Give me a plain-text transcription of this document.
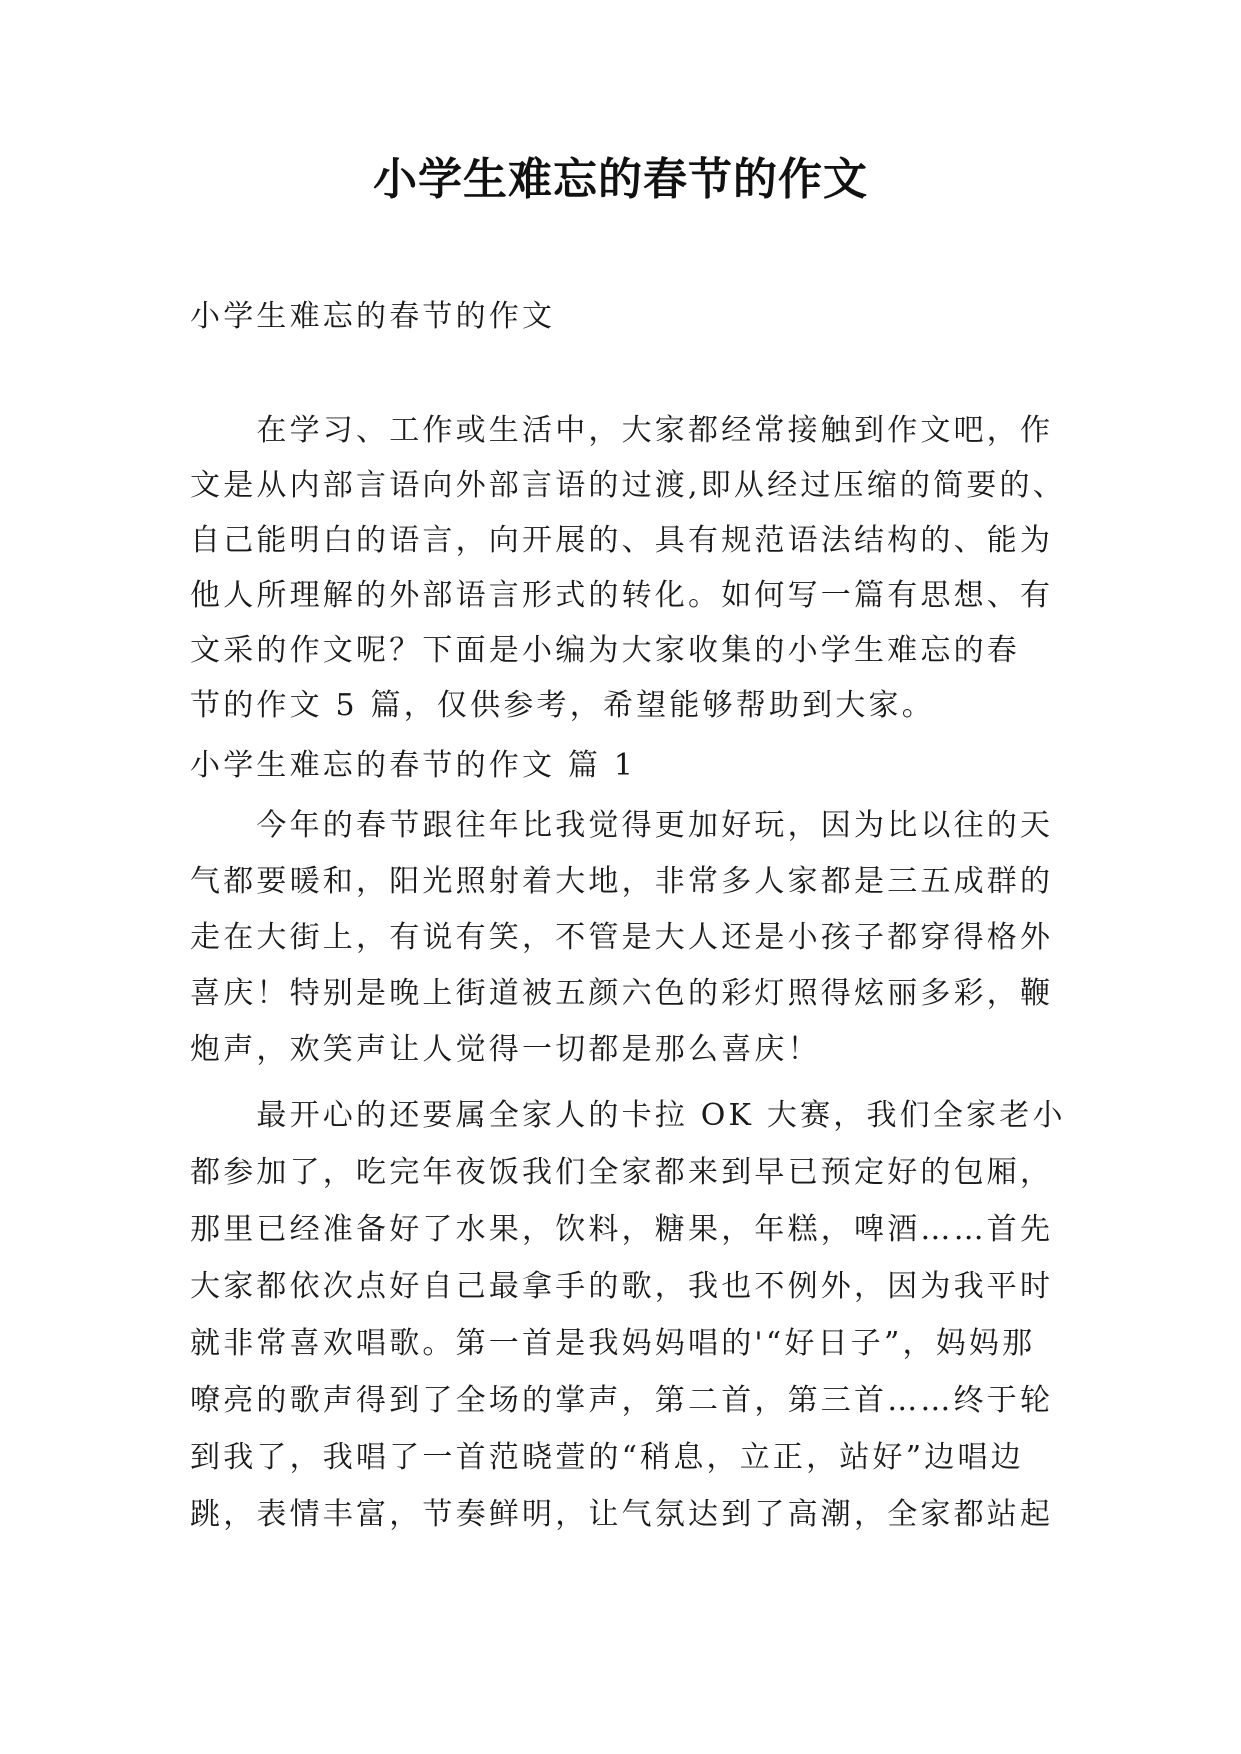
小学生难忘的春节的作文
小学生难忘的春节的作文
　　在学习、工作或生活中，大家都经常接触到作文吧，作
文是从内部言语向外部言语的过渡,即从经过压缩的简要的、
自己能明白的语言，向开展的、具有规范语法结构的、能为
他人所理解的外部语言形式的转化。如何写一篇有思想、有
文采的作文呢？下面是小编为大家收集的小学生难忘的春
节的作文 5 篇，仅供参考，希望能够帮助到大家。
小学生难忘的春节的作文 篇 1
　　今年的春节跟往年比我觉得更加好玩，因为比以往的天
气都要暖和，阳光照射着大地，非常多人家都是三五成群的
走在大街上，有说有笑，不管是大人还是小孩子都穿得格外
喜庆！特别是晚上街道被五颜六色的彩灯照得炫丽多彩，鞭
炮声，欢笑声让人觉得一切都是那么喜庆！
　　最开心的还要属全家人的卡拉 OK 大赛，我们全家老小
都参加了，吃完年夜饭我们全家都来到早已预定好的包厢，
那里已经准备好了水果，饮料，糖果，年糕，啤酒……首先
大家都依次点好自己最拿手的歌，我也不例外，因为我平时
就非常喜欢唱歌。第一首是我妈妈唱的'“好日子”，妈妈那
嘹亮的歌声得到了全场的掌声，第二首，第三首……终于轮
到我了，我唱了一首范晓萱的“稍息，立正，站好”边唱边
跳，表情丰富，节奏鲜明，让气氛达到了高潮，全家都站起
